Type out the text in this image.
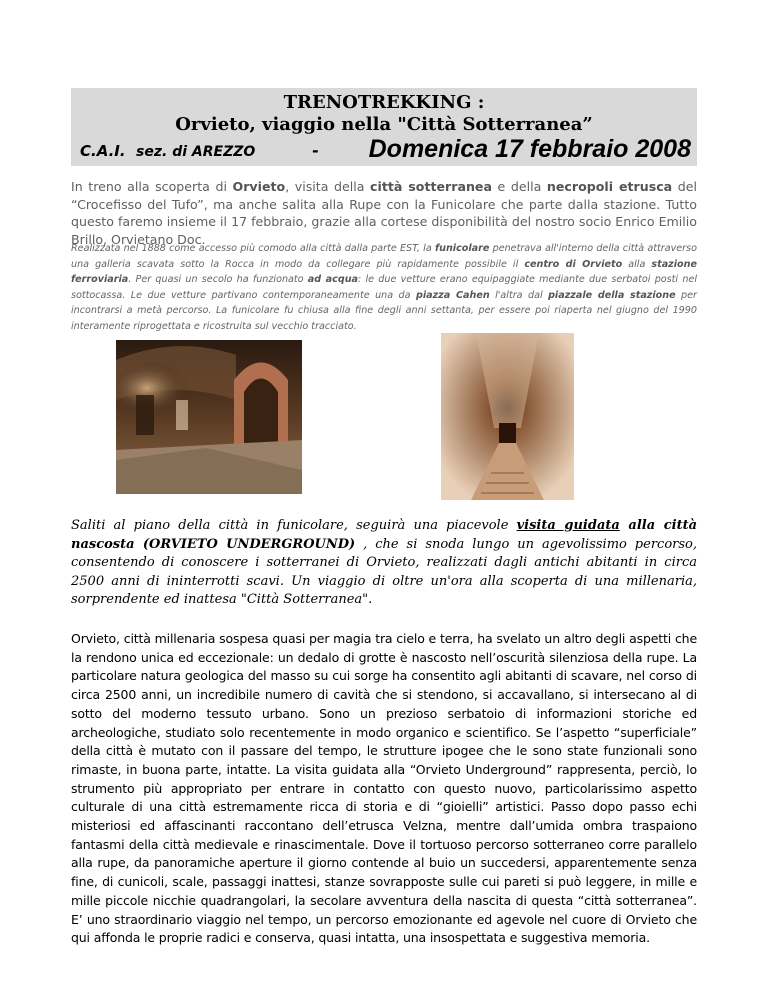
TRENOTREKKING :
Orvieto, viaggio nella "Città Sotterranea”
C.A.I. sez. di AREZZO	- Domenica 17 febbraio 2008
In treno alla scoperta di Orvieto, visita della città sotterranea e della necropoli etrusca del “Crocefisso del Tufo”, ma anche salita alla Rupe con la Funicolare che parte dalla stazione. Tutto questo faremo insieme il 17 febbraio, grazie alla cortese disponibilità del nostro socio Enrico Emilio Brillo, Orvietano Doc.
Realizzata nel 1888 come accesso più comodo alla città dalla parte EST, la funicolare penetrava all'interno della città attraverso una galleria scavata sotto la Rocca in modo da collegare più rapidamente possibile il centro di Orvieto alla stazione ferroviaria. Per quasi un secolo ha funzionato ad acqua: le due vetture erano equipaggiate mediante due serbatoi posti nel sottocassa. Le due vetture partivano contemporaneamente una da piazza Cahen l'altra dal piazzale della stazione per incontrarsi a metà percorso. La funicolare fu chiusa alla fine degli anni settanta, per essere poi riaperta nel giugno del 1990 interamente riprogettata e ricostruita sul vecchio tracciato.
Saliti al piano della città in funicolare, seguirà una piacevole visita guidata alla città nascosta (ORVIETO UNDERGROUND) , che si snoda lungo un agevolissimo percorso, consentendo di conoscere i sotterranei di Orvieto, realizzati dagli antichi abitanti in circa 2500 anni di ininterrotti scavi. Un viaggio di oltre un'ora alla scoperta di una millenaria, sorprendente ed inattesa "Città Sotterranea".
Orvieto, città millenaria sospesa quasi per magia tra cielo e terra, ha svelato un altro degli aspetti che la rendono unica ed eccezionale: un dedalo di grotte è nascosto nell’oscurità silenziosa della rupe. La particolare natura geologica del masso su cui sorge ha consentito agli abitanti di scavare, nel corso di circa 2500 anni, un incredibile numero di cavità che si stendono, si accavallano, si intersecano al di sotto del moderno tessuto urbano. Sono un prezioso serbatoio di informazioni storiche ed archeologiche, studiato solo recentemente in modo organico e scientifico. Se l’aspetto “superficiale” della città è mutato con il passare del tempo, le strutture ipogee che le sono state funzionali sono rimaste, in buona parte, intatte. La visita guidata alla “Orvieto Underground” rappresenta, perciò, lo strumento più appropriato per entrare in contatto con questo nuovo, particolarissimo aspetto culturale di una città estremamente ricca di storia e di “gioielli” artistici. Passo dopo passo echi misteriosi ed affascinanti raccontano dell’etrusca Velzna, mentre dall’umida ombra traspaiono fantasmi della città medievale e rinascimentale. Dove il tortuoso percorso sotterraneo corre parallelo alla rupe, da panoramiche aperture il giorno contende al buio un succedersi, apparentemente senza fine, di cunicoli, scale, passaggi inattesi, stanze sovrapposte sulle cui pareti si può leggere, in mille e mille piccole nicchie quadrangolari, la secolare avventura della nascita di questa “città sotterranea”. E’ uno straordinario viaggio nel tempo, un percorso emozionante ed agevole nel cuore di Orvieto che qui affonda le proprie radici e conserva, quasi intatta, una insospettata e suggestiva memoria.
